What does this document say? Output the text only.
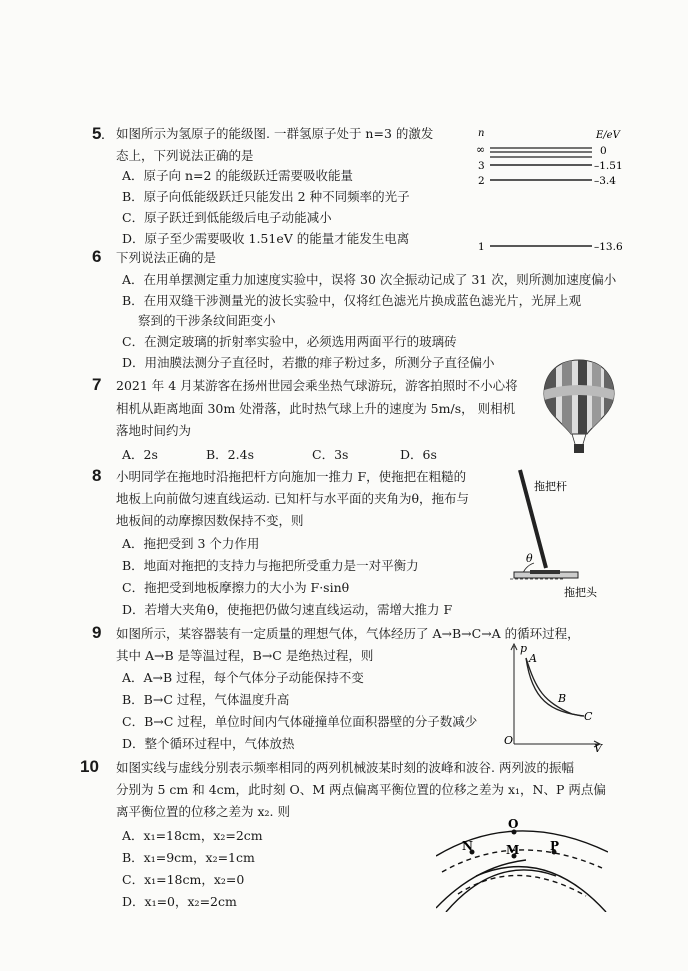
5. 如图所示为氢原子的能级图. 一群氢原子处于 n=3 的激发
态上，下列说法正确的是
A．原子向 n=2 的能级跃迁需要吸收能量
B．原子向低能级跃迁只能发出 2 种不同频率的光子
C．原子跃迁到低能级后电子动能减小
D．原子至少需要吸收 1.51eV 的能量才能发生电离
n	E/eV
∞	0
3	–1.51
2	–3.4
1	–13.6
6 下列说法正确的是
A．在用单摆测定重力加速度实验中，误将 30 次全振动记成了 31 次，则所测加速度偏小
B．在用双缝干涉测量光的波长实验中，仅将红色滤光片换成蓝色滤光片，光屏上观
察到的干涉条纹间距变小
C．在测定玻璃的折射率实验中，必须选用两面平行的玻璃砖
D．用油膜法测分子直径时，若撒的痱子粉过多，所测分子直径偏小
7 2021 年 4 月某游客在扬州世园会乘坐热气球游玩，游客拍照时不小心将
相机从距离地面 30m 处滑落，此时热气球上升的速度为 5m/s， 则相机
落地时间约为
A．2s	B．2.4s	C．3s	D．6s
8 小明同学在拖地时沿拖把杆方向施加一推力 F，使拖把在粗糙的
地板上向前做匀速直线运动. 已知杆与水平面的夹角为θ，拖布与
地板间的动摩擦因数保持不变，则
A．拖把受到 3 个力作用
B．地面对拖把的支持力与拖把所受重力是一对平衡力
C．拖把受到地板摩擦力的大小为 F·sinθ
D．若增大夹角θ，使拖把仍做匀速直线运动，需增大推力 F
拖把杆
θ
拖把头
9 如图所示，某容器装有一定质量的理想气体，气体经历了 A→B→C→A 的循环过程，
其中 A→B 是等温过程，B→C 是绝热过程，则
A．A→B 过程，每个气体分子动能保持不变
B．B→C 过程，气体温度升高
C．B→C 过程，单位时间内气体碰撞单位面积器壁的分子数减少
D．整个循环过程中，气体放热
p
V
O
A
B
C
10 如图实线与虚线分别表示频率相同的两列机械波某时刻的波峰和波谷. 两列波的振幅
分别为 5 cm 和 4cm，此时刻 O、M 两点偏离平衡位置的位移之差为 x₁，N、P 两点偏
离平衡位置的位移之差为 x₂. 则
A．x₁=18cm，x₂=2cm
B．x₁=9cm，x₂=1cm
C．x₁=18cm，x₂=0
D．x₁=0，x₂=2cm
O
N	M	P
